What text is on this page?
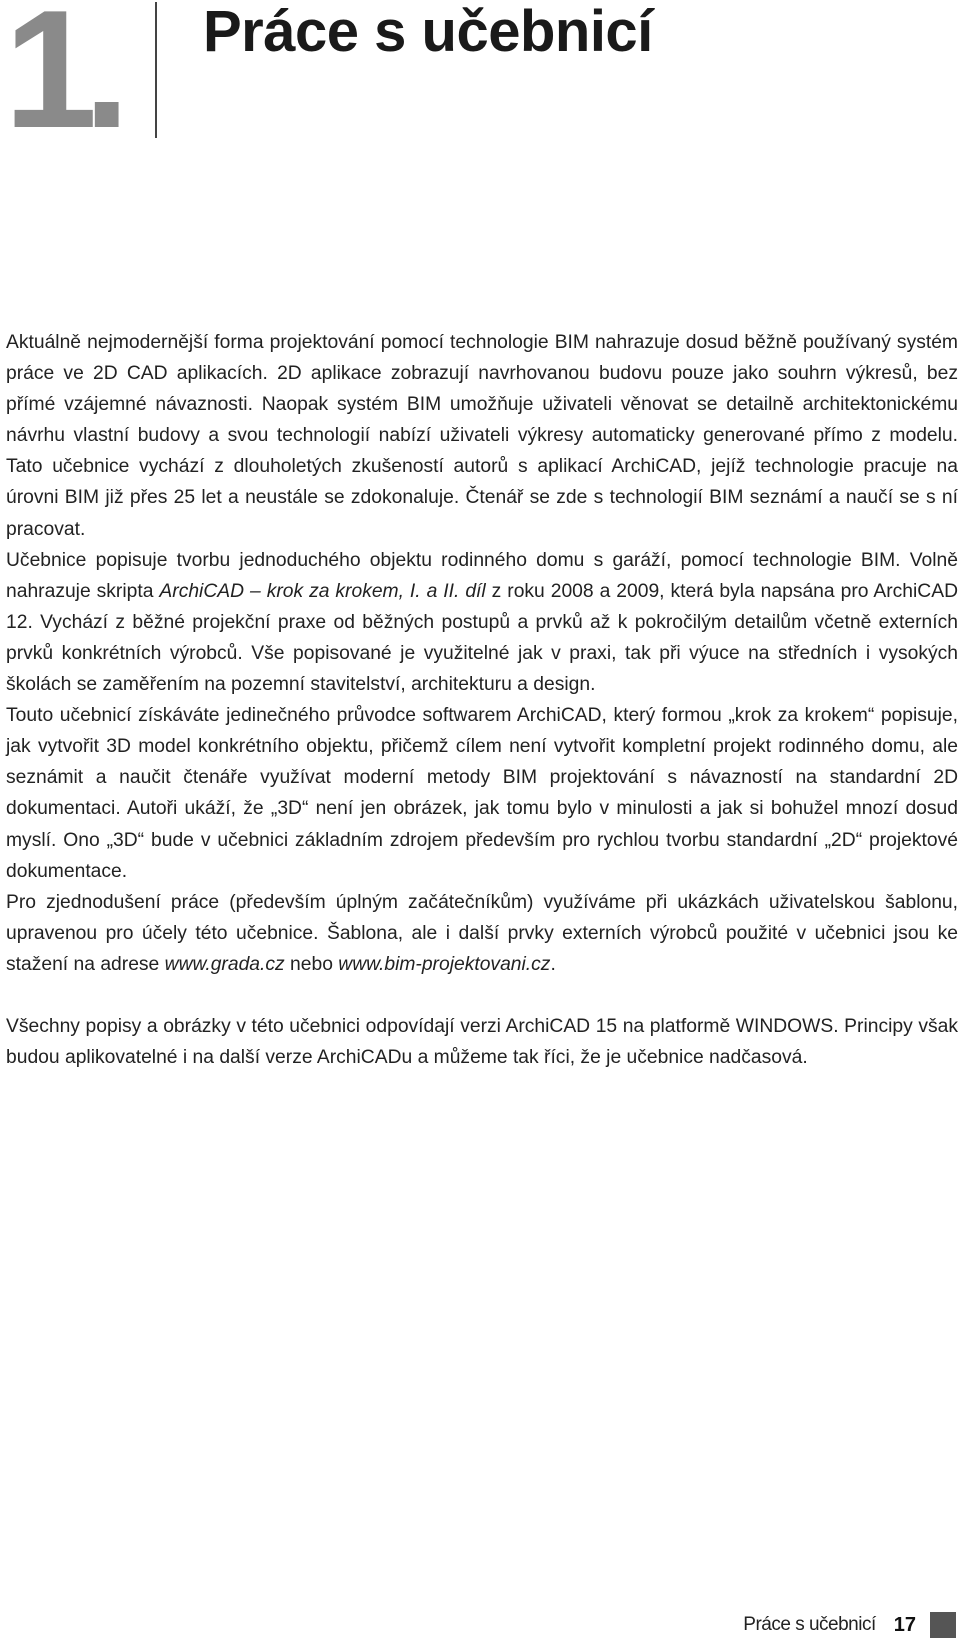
1. Práce s učebnicí

Aktuálně nejmodernější forma projektování pomocí technologie BIM nahrazuje dosud běžně používaný systém práce ve 2D CAD aplikacích. 2D aplikace zobrazují navrhovanou budovu pouze jako souhrn výkresů, bez přímé vzájemné návaznosti. Naopak systém BIM umožňuje uživateli věnovat se detailně architektonickému návrhu vlastní budovy a svou technologií nabízí uživateli výkresy automaticky generované přímo z modelu. Tato učebnice vychází z dlouholetých zkušeností autorů s aplikací ArchiCAD, jejíž technologie pracuje na úrovni BIM již přes 25 let a neustále se zdokonaluje. Čtenář se zde s technologií BIM seznámí a naučí se s ní pracovat.

Učebnice popisuje tvorbu jednoduchého objektu rodinného domu s garáží, pomocí technologie BIM. Volně nahrazuje skripta ArchiCAD – krok za krokem, I. a II. díl z roku 2008 a 2009, která byla napsána pro ArchiCAD 12. Vychází z běžné projekční praxe od běžných postupů a prvků až k pokročilým detailům včetně externích prvků konkrétních výrobců. Vše popisované je využitelné jak v praxi, tak při výuce na středních i vysokých školách se zaměřením na pozemní stavitelství, architekturu a design.

Touto učebnicí získáváte jedinečného průvodce softwarem ArchiCAD, který formou „krok za krokem“ popisuje, jak vytvořit 3D model konkrétního objektu, přičemž cílem není vytvořit kompletní projekt rodinného domu, ale seznámit a naučit čtenáře využívat moderní metody BIM projektování s návazností na standardní 2D dokumentaci. Autoři ukáží, že „3D“ není jen obrázek, jak tomu bylo v minulosti a jak si bohužel mnozí dosud myslí. Ono „3D“ bude v učebnici základním zdrojem především pro rychlou tvorbu standardní „2D“ projektové dokumentace.

Pro zjednodušení práce (především úplným začátečníkům) využíváme při ukázkách uživatelskou šablonu, upravenou pro účely této učebnice. Šablona, ale i další prvky externích výrobců použité v učebnici jsou ke stažení na adrese www.grada.cz nebo www.bim-projektovani.cz.

Všechny popisy a obrázky v této učebnici odpovídají verzi ArchiCAD 15 na platformě WINDOWS. Principy však budou aplikovatelné i na další verze ArchiCADu a můžeme tak říci, že je učebnice nadčasová.

Práce s učebnicí 17
